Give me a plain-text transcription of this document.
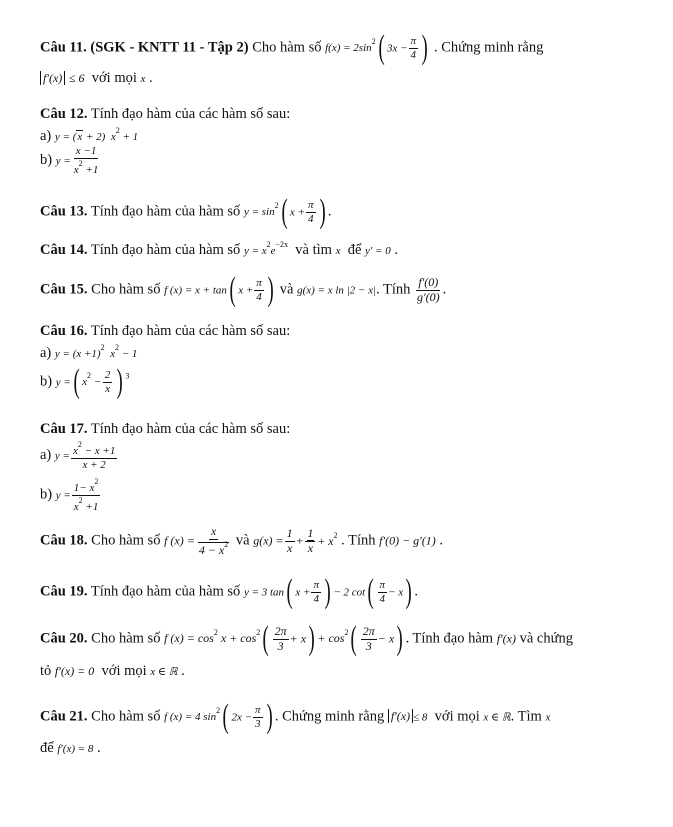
Câu 11. (SGK - KNTT 11 - Tập 2) Cho hàm số $f(x) = 2\sin^2$( $3x - \frac{\pi}{4}$ ) . Chứng minh rằng
f′(x) ≤ 6 với mọi x .
Câu 12. Tính đạo hàm của các hàm số sau:
a) y = (x + 2)  $x^2 + 1$
b) $y = \frac{x -1}{x^2 +1}$
Câu 13. Tính đạo hàm của hàm số $y = \sin^2$( $x + \frac{\pi}{4}$ ) .
Câu 14. Tính đạo hàm của hàm số $y = x^2e^{-2x}$ và tìm x để y′ = 0 .
Câu 15. Cho hàm số f (x) = x + tan( $x + \frac{\pi}{4}$ ) và g(x) = x ln |2 − x|. Tính $\frac{f'(0)}{g'(0)}$ .
Câu 16. Tính đạo hàm của các hàm số sau:
a) $y = (x +1)^2$  $x^2 - 1$
b) y =( $x^2 - \frac{2}{x}$ ) $^3$
Câu 17. Tính đạo hàm của các hàm số sau:
a) $y = \frac{x^2 - x +1}{x + 2}$
b) $y = \frac{1- x^2}{x^2 +1}$
Câu 18. Cho hàm số f $(x) = \frac{x}{4 - x^2}$ và $g(x) = \frac{1}{x} + \frac{1}{x} + x^2$ . Tính f′(0) − g′(1) .
Câu 19. Tính đạo hàm của hàm số y = 3 tan( $x + \frac{\pi}{4}$ ) − 2 $\cot( \frac{\pi}{4} - x)$ .
Câu 20. Cho hàm số f $(x) = \cos^2 x + \cos^2( \frac{2\pi}{3} + x) + \cos^2( \frac{2\pi}{3} - x)$ . Tính đạo hàm f′(x) và chứng
tỏ f′(x) = 0 với mọi x ∈ ℝ .
Câu 21. Cho hàm số f (x) = 4 $\sin^2$( $2x - \frac{\pi}{3}$ ) . Chứng minh rằng f′(x) ≤ 8 với mọi x ∈ ℝ. Tìm x
để f′(x) = 8 .
